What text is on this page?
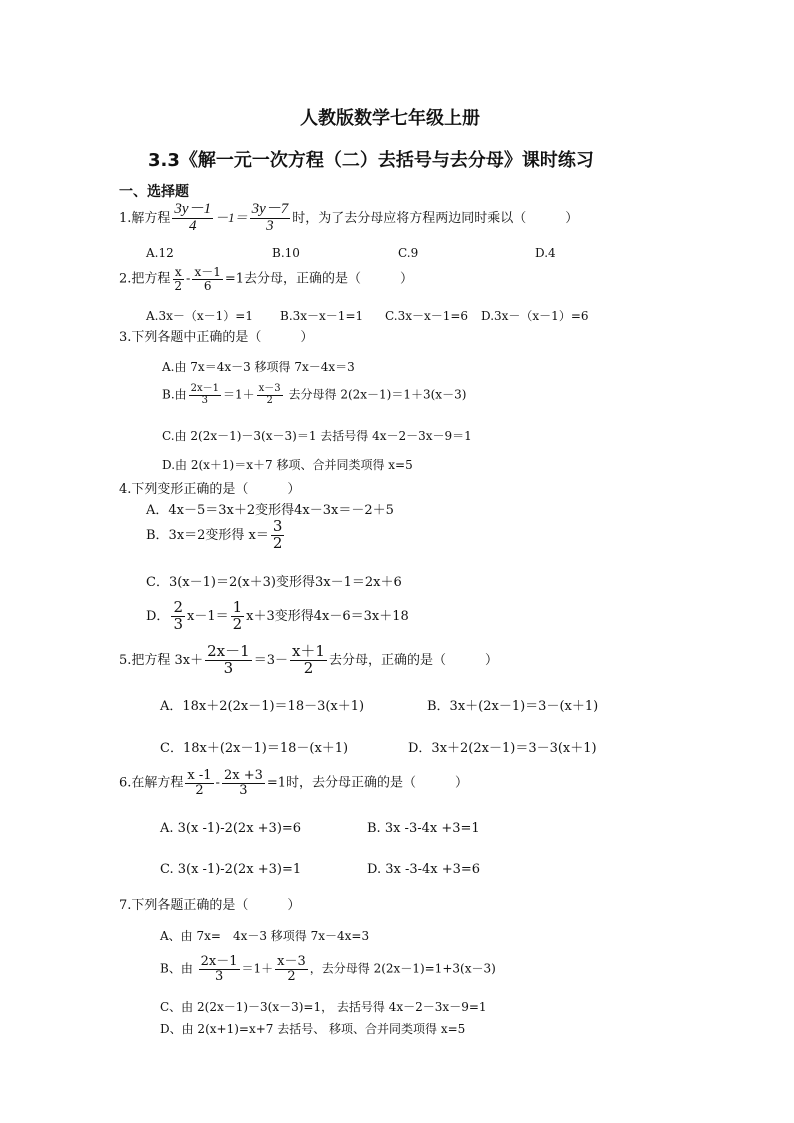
人教版数学七年级上册
3.3《解一元一次方程（二）去括号与去分母》课时练习
一、选择题
1.解方程 $\frac{3y-1}{4} -1= \frac{3y-7}{3}$ 时，为了去分母应将方程两边同时乘以（　　　）
A.12	B.10	C.9	D.4
2.把方程 $\frac{x}{2} - \frac{x-1}{6} =1$去分母，正确的是（　　　）
A.3x－（x－1）=1 B.3x－x－1=1 C.3x－x－1=6 D.3x－（x－1）=6
3.下列各题中正确的是（　　　）
A.由 7x＝4x－3 移项得 7x－4x＝3
B.由 $\frac{2x-1}{3} =1+ \frac{x-3}{2}$ 去分母得 2(2x－1)＝1＋3(x－3)
C.由 2(2x－1)－3(x－3)＝1 去括号得 4x－2－3x－9＝1
D.由 2(x＋1)＝x＋7 移项、合并同类项得 x=5
4.下列变形正确的是（　　　）
A．4x－5＝3x＋2变形得4x－3x＝－2＋5
B．3x＝2变形得 $x= \frac{3}{2}$
C．3(x－1)＝2(x＋3)变形得3x－1＝2x＋6
D． $\frac{2}{3} x-1= \frac{1}{2} x+3$变形得4x－6＝3x＋18
5.把方程 $3x+ \frac{2x-1}{3} =3- \frac{x+1}{2}$ 去分母，正确的是（　　　）
A．18x＋2(2x－1)＝18－3(x＋1)	B．3x＋(2x－1)＝3－(x＋1)
C．18x＋(2x－1)＝18－(x＋1)	D．3x＋2(2x－1)＝3－3(x＋1)
6.在解方程 $\frac{x -1}{2} - \frac{2x +3}{3} =1$时，去分母正确的是（　　　）
A. 3(x -1)-2(2x +3)=6	B. 3x -3-4x +3=1
C. 3(x -1)-2(2x +3)=1	D. 3x -3-4x +3=6
7.下列各题正确的是（　　　）
A、由 7x=　4x－3 移项得 7x－4x=3
B、由 $\frac{2x-1}{3} =1+ \frac{x-3}{2}$ ，去分母得 2(2x－1)=1+3(x－3)
C、由 2(2x－1)－3(x－3)=1， 去括号得 4x－2－3x－9=1
D、由 2(x+1)=x+7 去括号、 移项、合并同类项得 x=5
